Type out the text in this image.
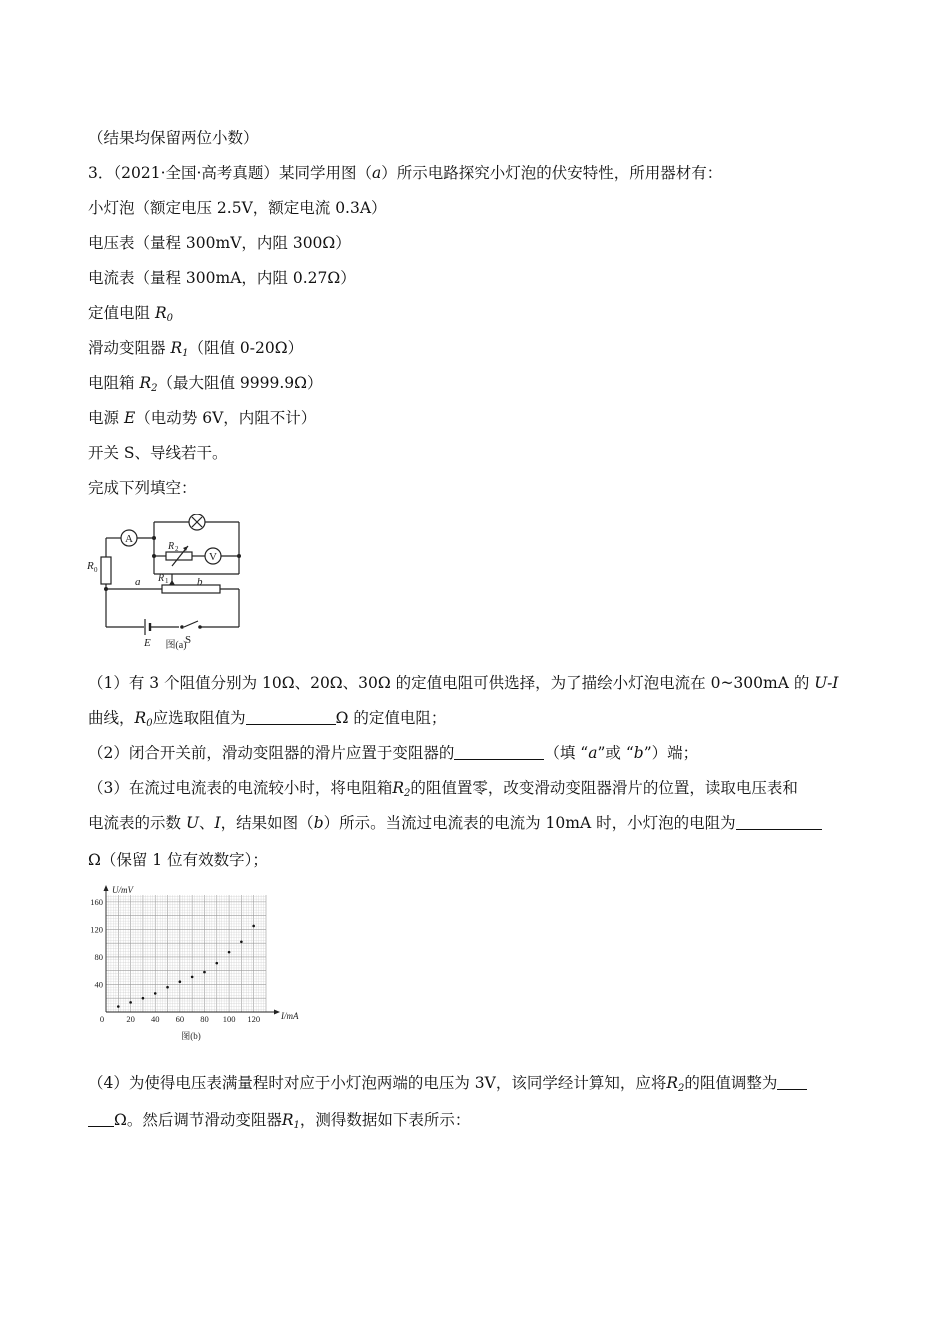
（结果均保留两位小数）
3．（2021·全国·高考真题）某同学用图（a）所示电路探究小灯泡的伏安特性，所用器材有：
小灯泡（额定电压 2.5V，额定电流 0.3A）
电压表（量程 300mV，内阻 300Ω）
电流表（量程 300mA，内阻 0.27Ω）
定值电阻 $R_0$
滑动变阻器 $R_1$（阻值 0-20Ω）
电阻箱 $R_2$（最大阻值 9999.9Ω）
电源 E（电动势 6V，内阻不计）
开关 S、导线若干。
完成下列填空：
A
V
R 0
R 2
R 1
a	b
E	S
图(a)
（1）有 3 个阻值分别为 10Ω、20Ω、30Ω 的定值电阻可供选择，为了描绘小灯泡电流在 0~300mA 的 U-I
曲线，$R_0$应选取阻值为	Ω 的定值电阻；
（2）闭合开关前，滑动变阻器的滑片应置于变阻器的	（填 “a”或 “b”）端；
（3）在流过电流表的电流较小时，将电阻箱$R_2$的阻值置零，改变滑动变阻器滑片的位置，读取电压表和
电流表的示数 U、I，结果如图（b）所示。当流过电流表的电流为 10mA 时，小灯泡的电阻为
Ω（保留 1 位有效数字）；
0	20 40 60 80 100 120
40
80
120
160
U/mV
I/mA
图(b)
（4）为使得电压表满量程时对应于小灯泡两端的电压为 3V，该同学经计算知，应将$R_2$的阻值调整为
Ω。然后调节滑动变阻器$R_1$，测得数据如下表所示：
